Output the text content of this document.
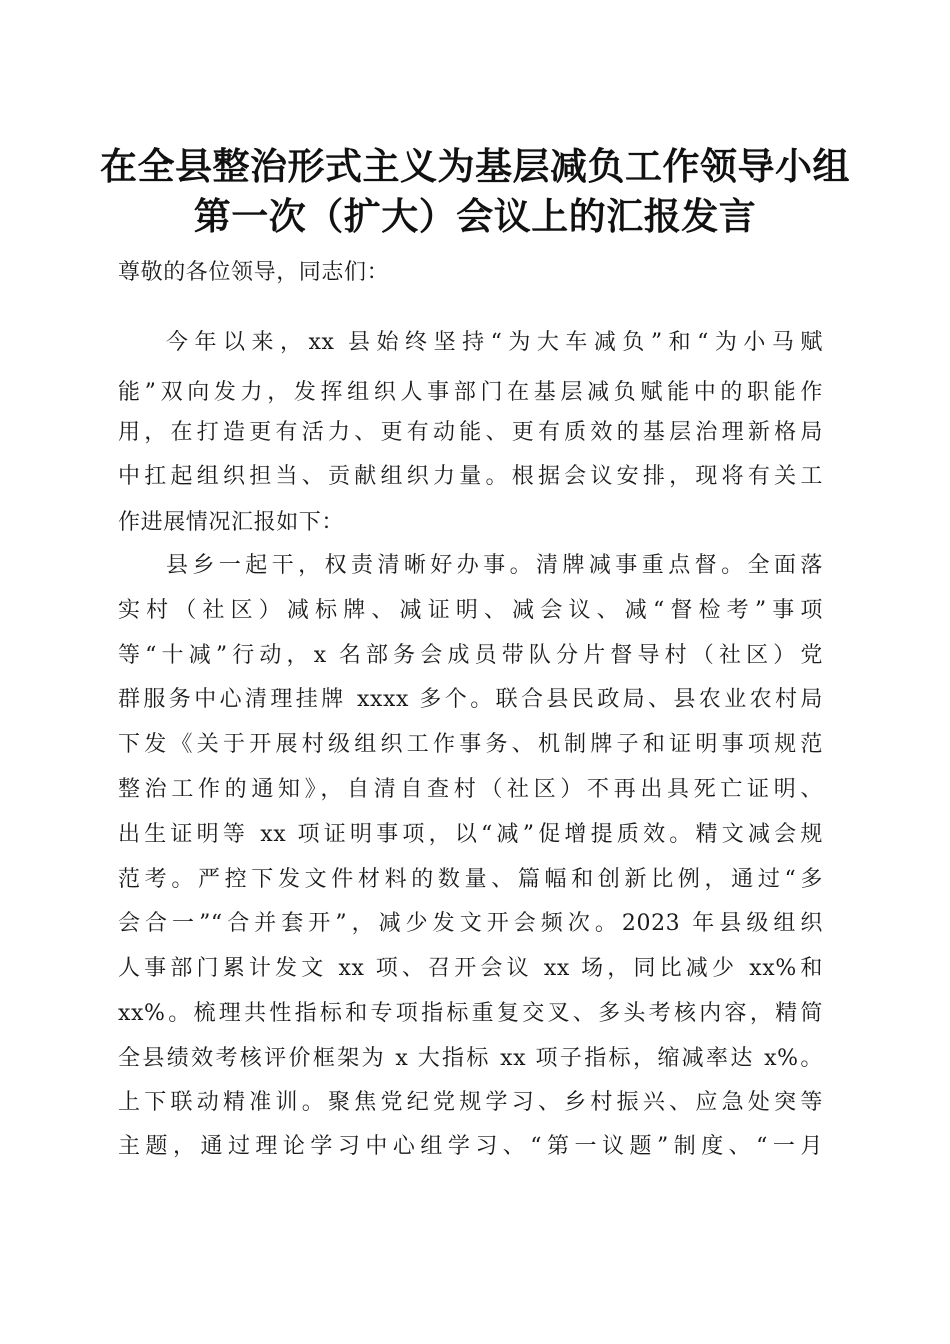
在全县整治形式主义为基层减负工作领导小组
第一次（扩大）会议上的汇报发言
尊敬的各位领导，同志们：
今年以来，xx 县始终坚持“为大车减负”和“为小马赋
能”双向发力，发挥组织人事部门在基层减负赋能中的职能作
用，在打造更有活力、更有动能、更有质效的基层治理新格局
中扛起组织担当、贡献组织力量。根据会议安排，现将有关工
作进展情况汇报如下：
县乡一起干，权责清晰好办事。清牌减事重点督。全面落
实村（社区）减标牌、减证明、减会议、减“督检考”事项
等“十减”行动，x 名部务会成员带队分片督导村（社区）党
群服务中心清理挂牌 xxxx 多个。联合县民政局、县农业农村局
下发《关于开展村级组织工作事务、机制牌子和证明事项规范
整治工作的通知》，自清自查村（社区）不再出具死亡证明、
出生证明等 xx 项证明事项，以“减”促增提质效。精文减会规
范考。严控下发文件材料的数量、篇幅和创新比例，通过“多
会合一”“合并套开”，减少发文开会频次。2023 年县级组织
人事部门累计发文 xx 项、召开会议 xx 场，同比减少 xx%和
xx%。梳理共性指标和专项指标重复交叉、多头考核内容，精简
全县绩效考核评价框架为 x 大指标 xx 项子指标，缩减率达 x%。
上下联动精准训。聚焦党纪党规学习、乡村振兴、应急处突等
主题，通过理论学习中心组学习、“第一议题”制度、“一月
